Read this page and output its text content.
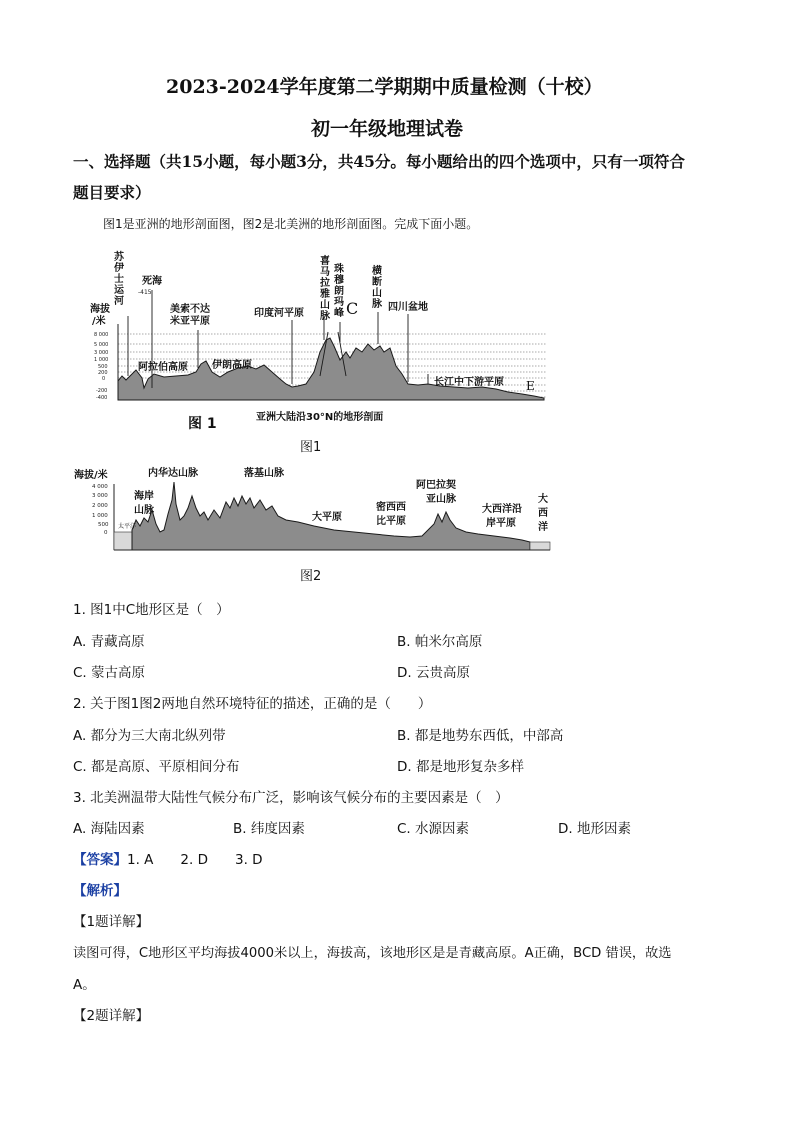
2023-2024学年度第二学期期中质量检测（十校）
初一年级地理试卷
一、选择题（共15小题，每小题3分，共45分。每小题给出的四个选项中，只有一项符合
题目要求）
图1是亚洲的地形剖面图，图2是北美洲的地形剖面图。完成下面小题。
8 000
5 000
3 000
1 000
500
200
0
-200
-400
海拔
/米
苏
伊
士
运
河
死海
美索不达
米亚平原
印度河平原
阿拉伯高原 伊朗高原
喜
马
拉
雅
山
脉
珠
穆
朗
玛
峰
横
断
山
脉 四川盆地
长江中下游平原
亚洲大陆沿30°N的地形剖面
-415
C
E
图 1
图1
4 000
3 000
2 000
1 000
500
0
海拔/米
海岸
山脉
内华达山脉	落基山脉
大平原
密西西
比平原
阿巴拉契
亚山脉
大西洋沿
岸平原
大
西
洋
太平洋
图2
1. 图1中C地形区是（　）
A. 青藏高原	B. 帕米尔高原
C. 蒙古高原	D. 云贵高原
2. 关于图1图2两地自然环境特征的描述，正确的是（　　）
A. 都分为三大南北纵列带	B. 都是地势东西低，中部高
C. 都是高原、平原相间分布	D. 都是地形复杂多样
3. 北美洲温带大陆性气候分布广泛，影响该气候分布的主要因素是（　）
A. 海陆因素	B. 纬度因素	C. 水源因素	D. 地形因素
【答案】1. A　　2. D　　3. D
【解析】
【1题详解】
读图可得，C地形区平均海拔4000米以上，海拔高，该地形区是是青藏高原。A正确，BCD 错误，故选
A。
【2题详解】
